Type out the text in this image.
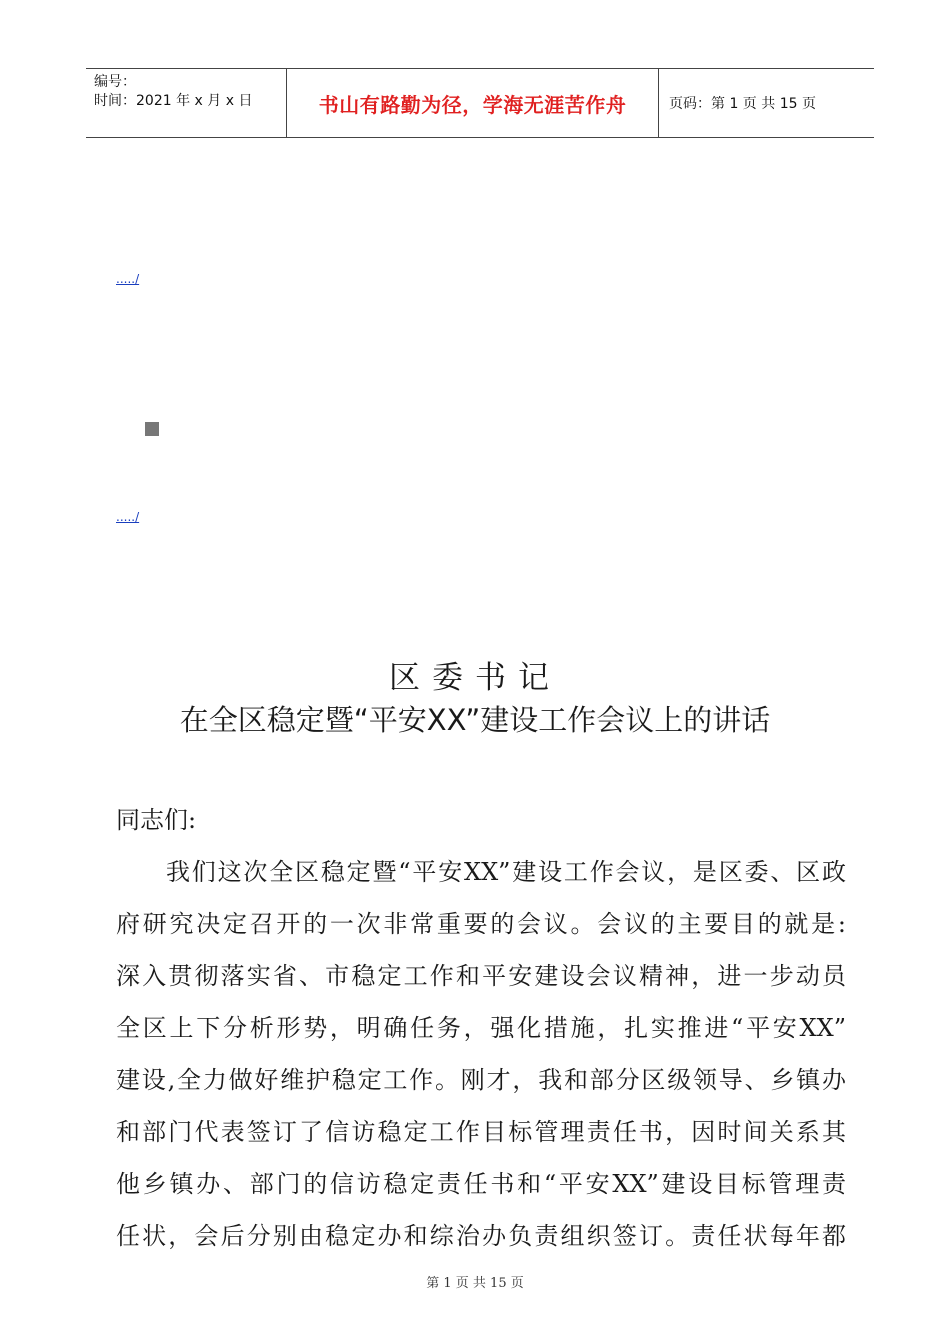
编号：
时间：2021 年 x 月 x 日	书山有路勤为径，学海无涯苦作舟	页码：第 1 页 共 15 页
...../
...../
区委书记
在全区稳定暨“平安XX”建设工作会议上的讲话
同志们:
我们这次全区稳定暨“平安XX”建设工作会议，是区委、区政
府研究决定召开的一次非常重要的会议。会议的主要目的就是:
深入贯彻落实省、市稳定工作和平安建设会议精神，进一步动员
全区上下分析形势，明确任务，强化措施，扎实推进“平安XX”
建设,全力做好维护稳定工作。刚才，我和部分区级领导、乡镇办
和部门代表签订了信访稳定工作目标管理责任书，因时间关系其
他乡镇办、部门的信访稳定责任书和“平安XX”建设目标管理责
任状，会后分别由稳定办和综治办负责组织签订。责任状每年都
第 1 页 共 15 页
